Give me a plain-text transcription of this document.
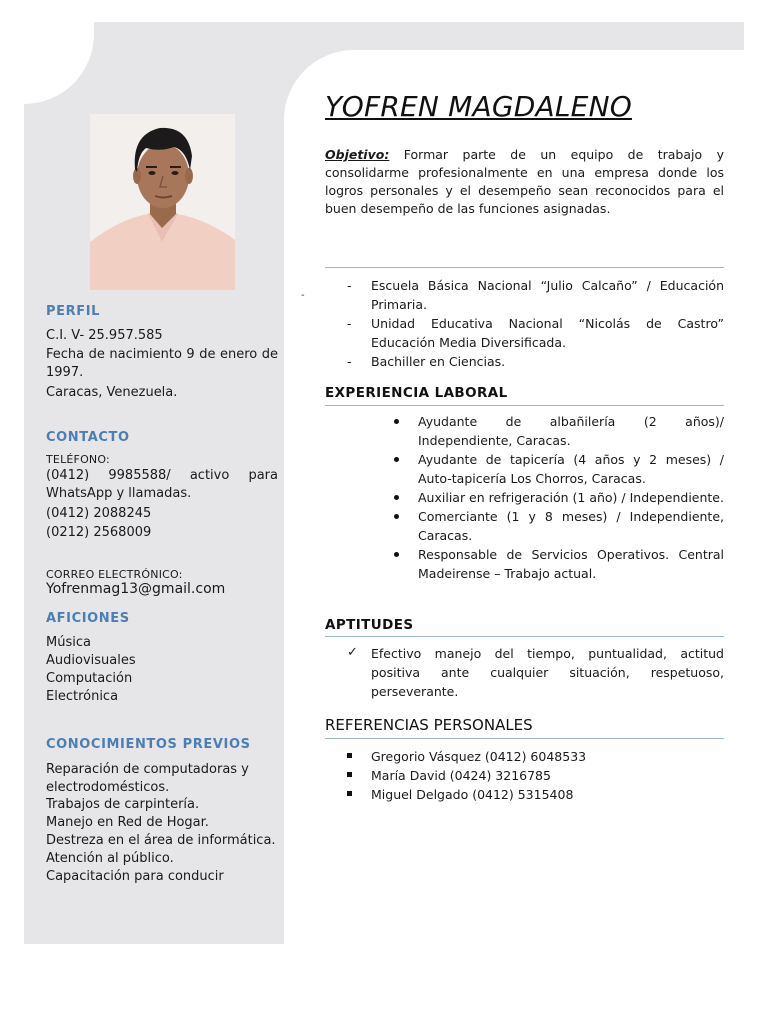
PERFIL
C.I. V- 25.957.585
Fecha de nacimiento 9 de enero de 1997.
Caracas, Venezuela.
CONTACTO
TELÉFONO:
(0412) 9985588/ activo para WhatsApp y llamadas.
(0412) 2088245
(0212) 2568009
CORREO ELECTRÓNICO:
Yofrenmag13@gmail.com
AFICIONES
Música
Audiovisuales
Computación
Electrónica
CONOCIMIENTOS PREVIOS
Reparación de computadoras y electrodomésticos.
Trabajos de carpintería.
Manejo en Red de Hogar.
Destreza en el área de informática.
Atención al público.
Capacitación para conducir
YOFREN MAGDALENO
Objetivo: Formar parte de un equipo de trabajo y consolidarme profesionalmente en una empresa donde los logros personales y el desempeño sean reconocidos para el buen desempeño de las funciones asignadas.
-
- Escuela Básica Nacional “Julio Calcaño” / Educación Primaria.
- Unidad Educativa Nacional “Nicolás de Castro” Educación Media Diversificada.
- Bachiller en Ciencias.
EXPERIENCIA LABORAL
Ayudante de albañilería (2 años)/ Independiente, Caracas.
Ayudante de tapicería (4 años y 2 meses) / Auto-tapicería Los Chorros, Caracas.
Auxiliar en refrigeración (1 año) / Independiente.
Comerciante (1 y 8 meses) / Independiente, Caracas.
Responsable de Servicios Operativos. Central Madeirense – Trabajo actual.
APTITUDES
✓ Efectivo manejo del tiempo, puntualidad, actitud positiva ante cualquier situación, respetuoso, perseverante.
REFERENCIAS PERSONALES
Gregorio Vásquez (0412) 6048533
María David (0424) 3216785
Miguel Delgado (0412) 5315408
